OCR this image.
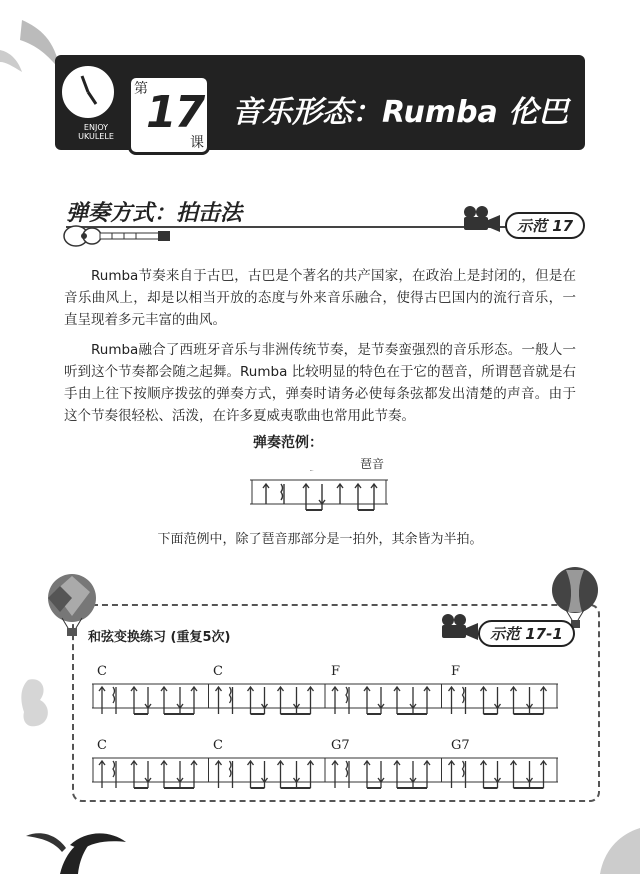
ENJOY
UKULELE
第
17
课
音乐形态：Rumba 伦巴
弹奏方式：拍击法	示范 17
Rumba节奏来自于古巴，古巴是个著名的共产国家，在政治上是封闭的，但是在音乐曲风上，却是以相当开放的态度与外来音乐融合，使得古巴国内的流行音乐，一直呈现着多元丰富的曲风。
Rumba融合了西班牙音乐与非洲传统节奏，是节奏蛮强烈的音乐形态。一般人一听到这个节奏都会随之起舞。Rumba 比较明显的特色在于它的琶音，所谓琶音就是右手由上往下按顺序拨弦的弹奏方式，弹奏时请务必使每条弦都发出清楚的声音。由于这个节奏很轻松、活泼，在许多夏威夷歌曲也常用此节奏。
弹奏范例：
琶音
下面范例中，除了琶音那部分是一拍外，其余皆为半拍。
和弦变换练习 (重复5次)	示范 17-1
C	C	F	F
C	C	G7	G7
